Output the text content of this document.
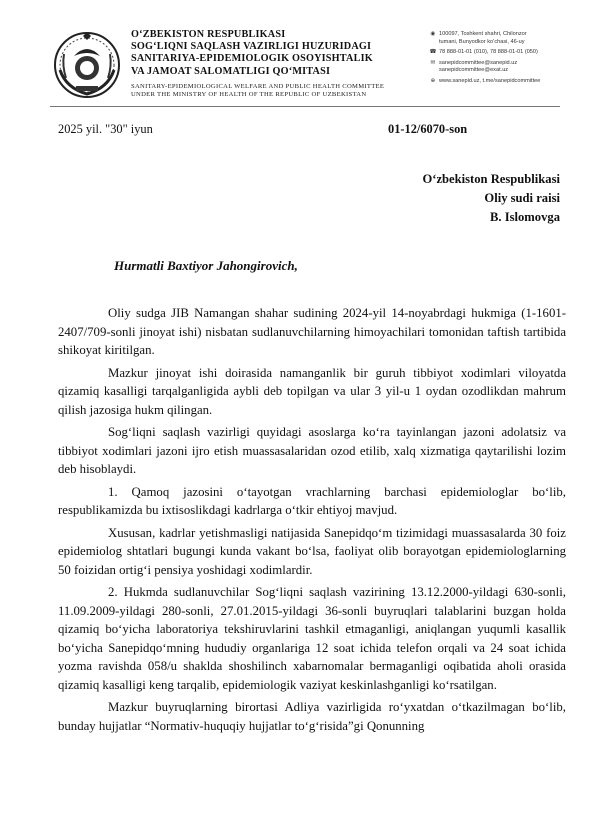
O‘ZBEKISTON RESPUBLIKASI
SOG‘LIQNI SAQLASH VAZIRLIGI HUZURIDAGI
SANITARIYA-EPIDEMIOLOGIK OSOYISHTALIK
VA JAMOAT SALOMATLIGI QO‘MITASI
SANITARY-EPIDEMIOLOGICAL WELFARE AND PUBLIC HEALTH COMMITTEE
UNDER THE MINISTRY OF HEALTH OF THE REPUBLIC OF UZBEKISTAN
◉ 100097, Toshkent shahri, Chilonzor
tumani, Bunyodkor ko‘chasi, 46-uy
☎ 78 888-01-01 (010), 78 888-01-01 (050)
✉ sanepidcommittee@sanepid.uz
sanepidcommittee@exat.uz
⊕ www.sanepid.uz, t.me/sanepidcommittee
2025 yil. "30" iyun	01-12/6070-son
O‘zbekiston Respublikasi
Oliy sudi raisi
B. Islomovga
Hurmatli Baxtiyor Jahongirovich,

Oliy sudga JIB Namangan shahar sudining 2024-yil 14-noyabrdagi hukmiga (1-1601-2407/709-sonli jinoyat ishi) nisbatan sudlanuvchilarning himoyachilari tomonidan taftish tartibida shikoyat kiritilgan.

Mazkur jinoyat ishi doirasida namanganlik bir guruh tibbiyot xodimlari viloyatda qizamiq kasalligi tarqalganligida aybli deb topilgan va ular 3 yil-u 1 oydan ozodlikdan mahrum qilish jazosiga hukm qilingan.

Sog‘liqni saqlash vazirligi quyidagi asoslarga ko‘ra tayinlangan jazoni adolatsiz va tibbiyot xodimlari jazoni ijro etish muassasalaridan ozod etilib, xalq xizmatiga qaytarilishi lozim deb hisoblaydi.

1. Qamoq jazosini o‘tayotgan vrachlarning barchasi epidemiologlar bo‘lib, respublikamizda bu ixtisoslikdagi kadrlarga o‘tkir ehtiyoj mavjud.

Xususan, kadrlar yetishmasligi natijasida Sanepidqo‘m tizimidagi muassasalarda 30 foiz epidemiolog shtatlari bugungi kunda vakant bo‘lsa, faoliyat olib borayotgan epidemiologlarning 50 foizidan ortig‘i pensiya yoshidagi xodimlardir.

2. Hukmda sudlanuvchilar Sog‘liqni saqlash vazirining 13.12.2000-yildagi 630-sonli, 11.09.2009-yildagi 280-sonli, 27.01.2015-yildagi 36-sonli buyruqlari talablarini buzgan holda qizamiq bo‘yicha laboratoriya tekshiruvlarini tashkil etmaganligi, aniqlangan yuqumli kasallik bo‘yicha Sanepidqo‘mning hududiy organlariga 12 soat ichida telefon orqali va 24 soat ichida yozma ravishda 058/u shaklda shoshilinch xabarnomalar bermaganligi oqibatida aholi orasida qizamiq kasalligi keng tarqalib, epidemiologik vaziyat keskinlashganligi ko‘rsatilgan.

Mazkur buyruqlarning birortasi Adliya vazirligida ro‘yxatdan o‘tkazilmagan bo‘lib, bunday hujjatlar “Normativ-huquqiy hujjatlar to‘g‘risida”gi Qonunning
